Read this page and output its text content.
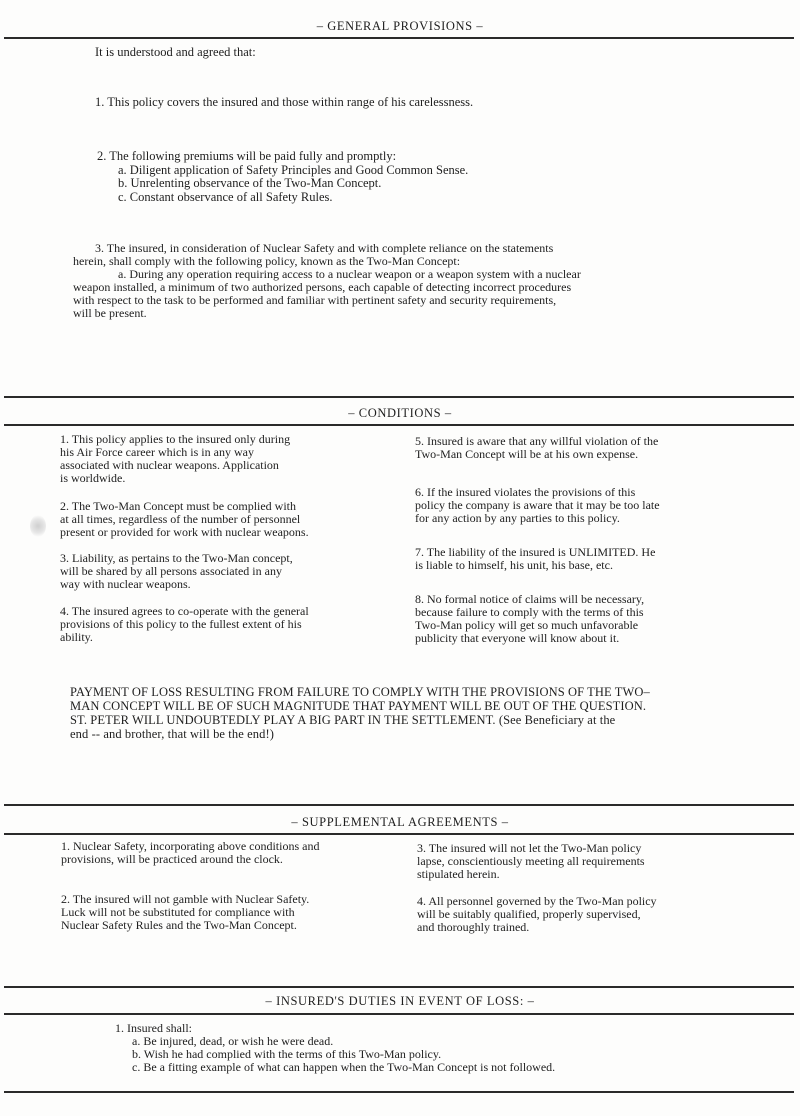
– GENERAL PROVISIONS –
It is understood and agreed that:
1. This policy covers the insured and those within range of his carelessness.
2. The following premiums will be paid fully and promptly:
a. Diligent application of Safety Principles and Good Common Sense.
b. Unrelenting observance of the Two-Man Concept.
c. Constant observance of all Safety Rules.
3. The insured, in consideration of Nuclear Safety and with complete reliance on the statements
herein, shall comply with the following policy, known as the Two-Man Concept:
a. During any operation requiring access to a nuclear weapon or a weapon system with a nuclear
weapon installed, a minimum of two authorized persons, each capable of detecting incorrect procedures
with respect to the task to be performed and familiar with pertinent safety and security requirements,
will be present.
– CONDITIONS –
1. This policy applies to the insured only during
his Air Force career which is in any way
associated with nuclear weapons. Application
is worldwide.
2. The Two-Man Concept must be complied with
at all times, regardless of the number of personnel
present or provided for work with nuclear weapons.
3. Liability, as pertains to the Two-Man concept,
will be shared by all persons associated in any
way with nuclear weapons.
4. The insured agrees to co-operate with the general
provisions of this policy to the fullest extent of his
ability.
5. Insured is aware that any willful violation of the
Two-Man Concept will be at his own expense.
6. If the insured violates the provisions of this
policy the company is aware that it may be too late
for any action by any parties to this policy.
7. The liability of the insured is UNLIMITED. He
is liable to himself, his unit, his base, etc.
8. No formal notice of claims will be necessary,
because failure to comply with the terms of this
Two-Man policy will get so much unfavorable
publicity that everyone will know about it.
PAYMENT OF LOSS RESULTING FROM FAILURE TO COMPLY WITH THE PROVISIONS OF THE TWO–
MAN CONCEPT WILL BE OF SUCH MAGNITUDE THAT PAYMENT WILL BE OUT OF THE QUESTION.
ST. PETER WILL UNDOUBTEDLY PLAY A BIG PART IN THE SETTLEMENT. (See Beneficiary at the
end -- and brother, that will be the end!)
– SUPPLEMENTAL AGREEMENTS –
1. Nuclear Safety, incorporating above conditions and
provisions, will be practiced around the clock.
2. The insured will not gamble with Nuclear Safety.
Luck will not be substituted for compliance with
Nuclear Safety Rules and the Two-Man Concept.
3. The insured will not let the Two-Man policy
lapse, conscientiously meeting all requirements
stipulated herein.
4. All personnel governed by the Two-Man policy
will be suitably qualified, properly supervised,
and thoroughly trained.
– INSURED'S DUTIES IN EVENT OF LOSS: –
1. Insured shall:
a. Be injured, dead, or wish he were dead.
b. Wish he had complied with the terms of this Two-Man policy.
c. Be a fitting example of what can happen when the Two-Man Concept is not followed.
